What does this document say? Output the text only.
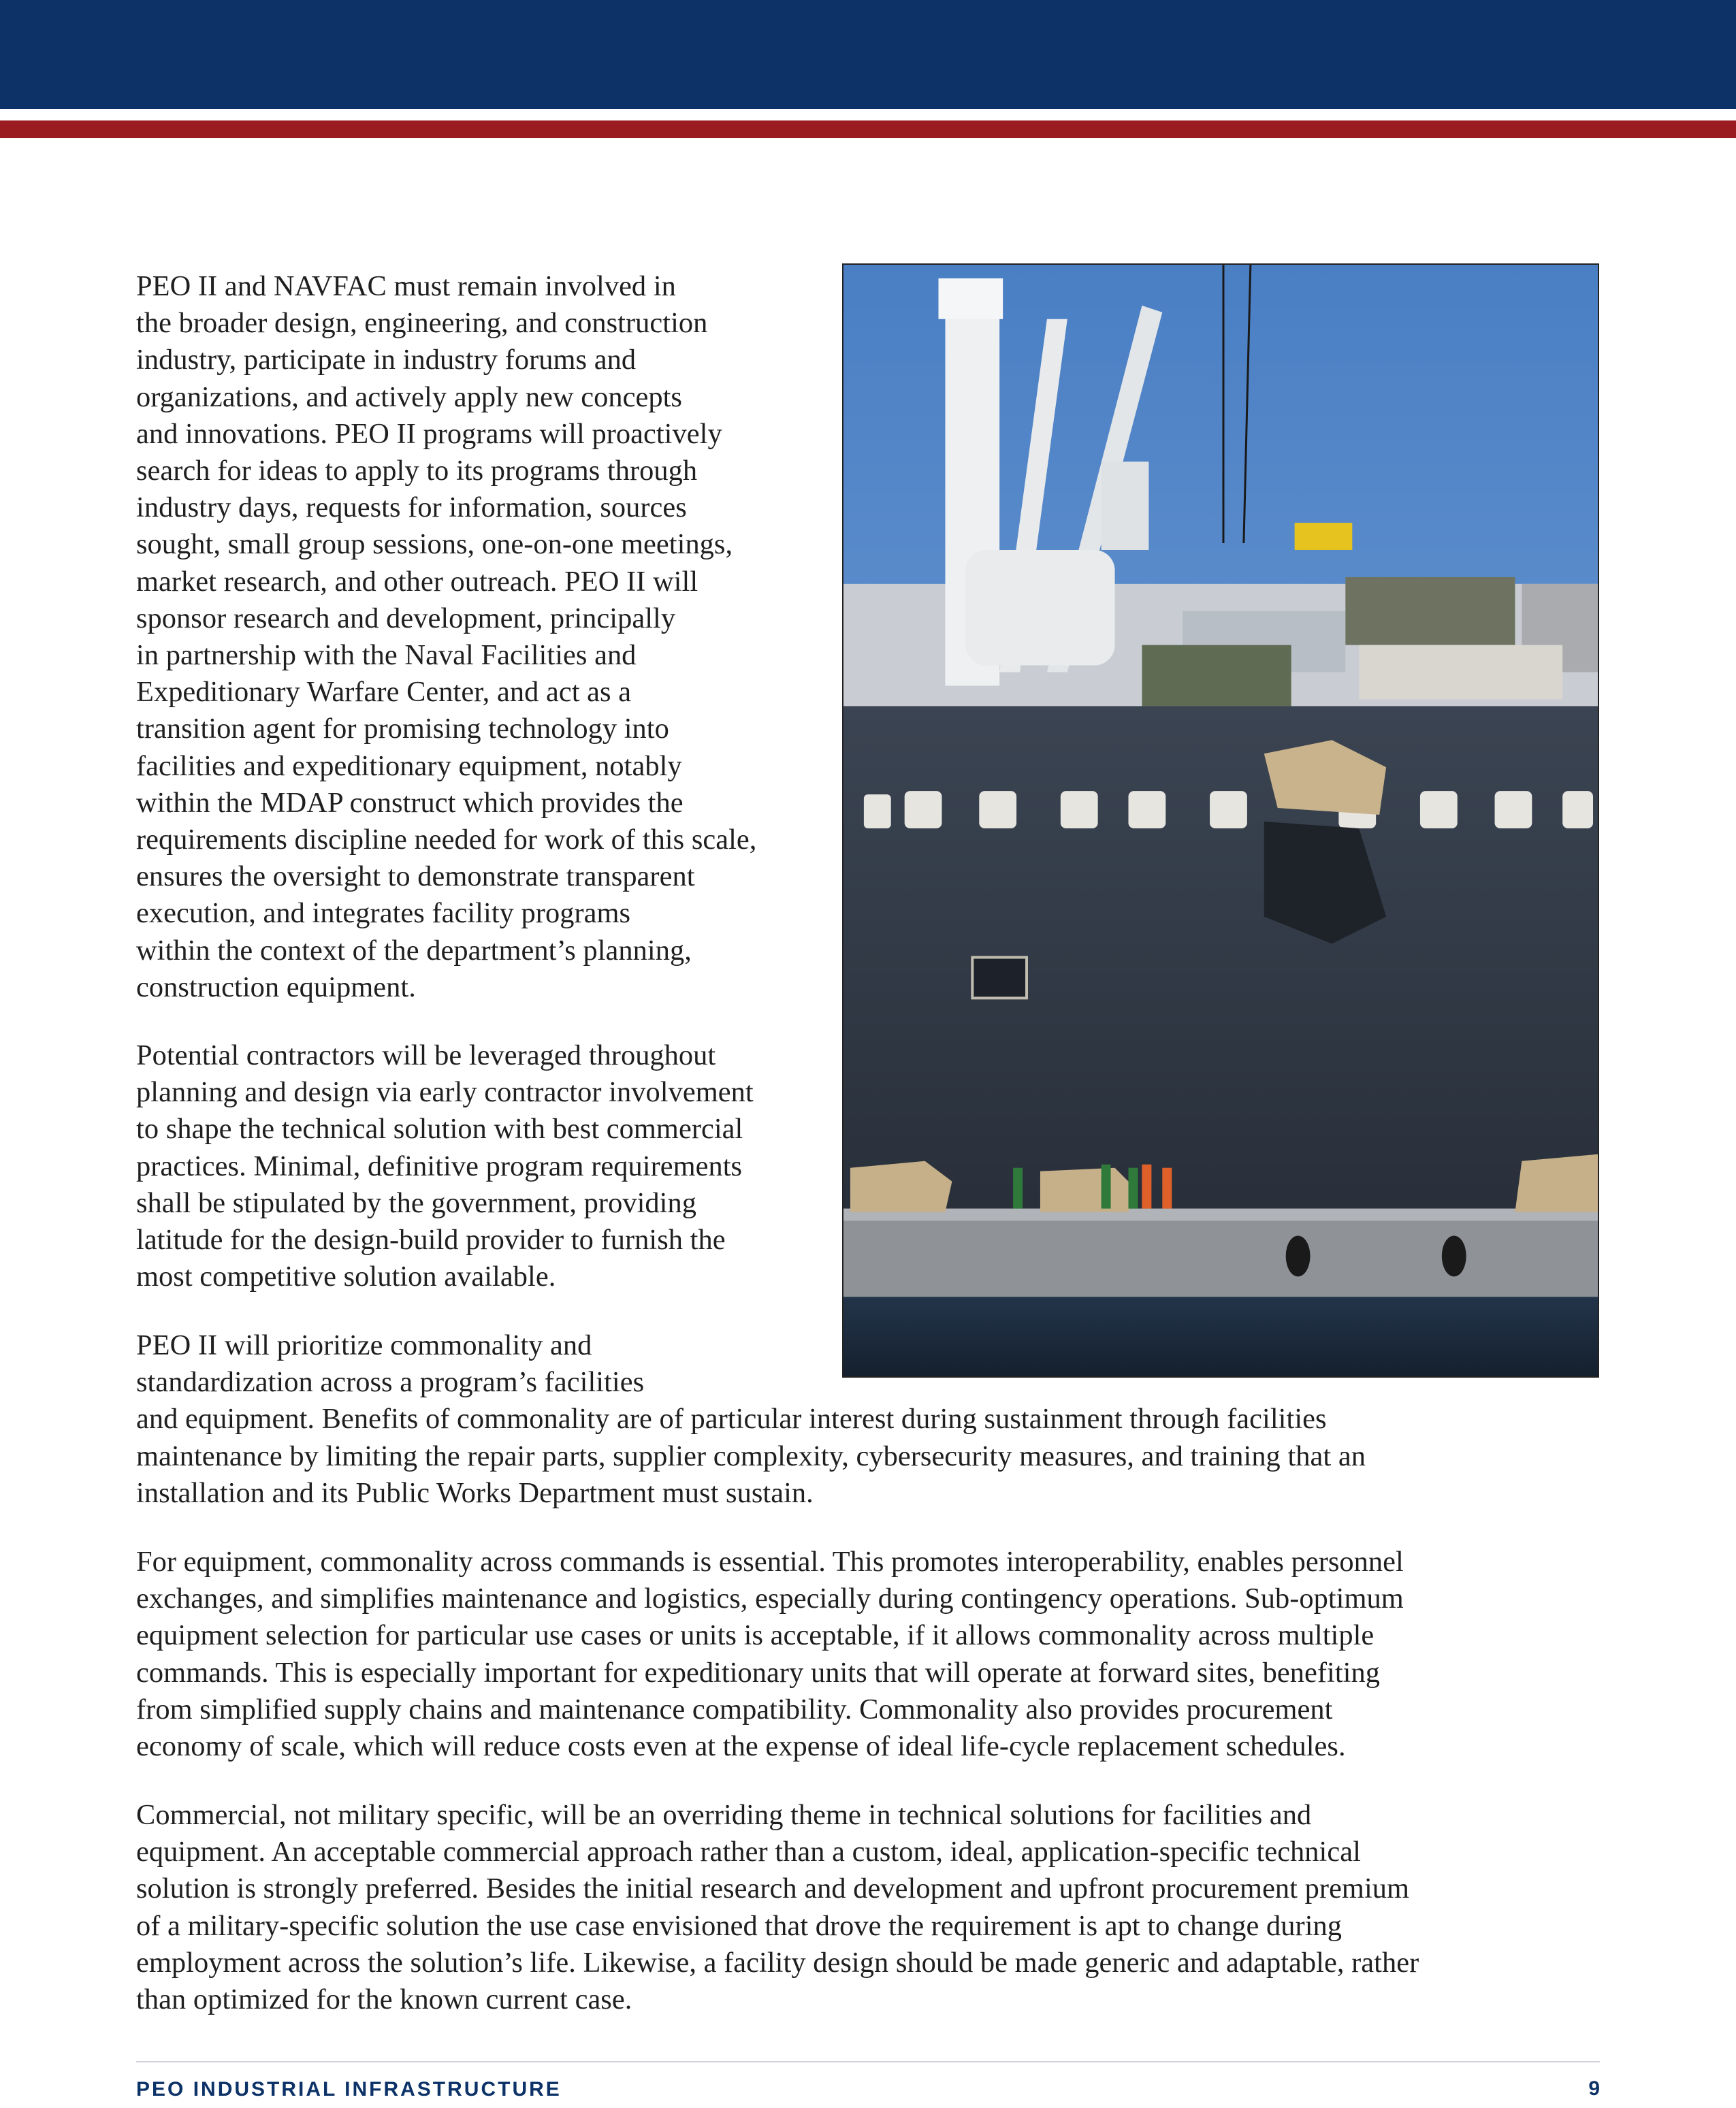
PEO II and NAVFAC must remain involved in
the broader design, engineering, and construction
industry, participate in industry forums and
organizations, and actively apply new concepts
and innovations. PEO II programs will proactively
search for ideas to apply to its programs through
industry days, requests for information, sources
sought, small group sessions, one-on-one meetings,
market research, and other outreach. PEO II will
sponsor research and development, principally
in partnership with the Naval Facilities and
Expeditionary Warfare Center, and act as a
transition agent for promising technology into
facilities and expeditionary equipment, notably
within the MDAP construct which provides the
requirements discipline needed for work of this scale,
ensures the oversight to demonstrate transparent
execution, and integrates facility programs
within the context of the department’s planning,
construction equipment.
Potential contractors will be leveraged throughout
planning and design via early contractor involvement
to shape the technical solution with best commercial
practices. Minimal, definitive program requirements
shall be stipulated by the government, providing
latitude for the design-build provider to furnish the
most competitive solution available.
PEO II will prioritize commonality and
standardization across a program’s facilities
and equipment. Benefits of commonality are of particular interest during sustainment through facilities
maintenance by limiting the repair parts, supplier complexity, cybersecurity measures, and training that an
installation and its Public Works Department must sustain.
For equipment, commonality across commands is essential. This promotes interoperability, enables personnel
exchanges, and simplifies maintenance and logistics, especially during contingency operations. Sub-optimum
equipment selection for particular use cases or units is acceptable, if it allows commonality across multiple
commands. This is especially important for expeditionary units that will operate at forward sites, benefiting
from simplified supply chains and maintenance compatibility. Commonality also provides procurement
economy of scale, which will reduce costs even at the expense of ideal life-cycle replacement schedules.
Commercial, not military specific, will be an overriding theme in technical solutions for facilities and
equipment. An acceptable commercial approach rather than a custom, ideal, application-specific technical
solution is strongly preferred. Besides the initial research and development and upfront procurement premium
of a military-specific solution the use case envisioned that drove the requirement is apt to change during
employment across the solution’s life. Likewise, a facility design should be made generic and adaptable, rather
than optimized for the known current case.
PEO INDUSTRIAL INFRASTRUCTURE	9
